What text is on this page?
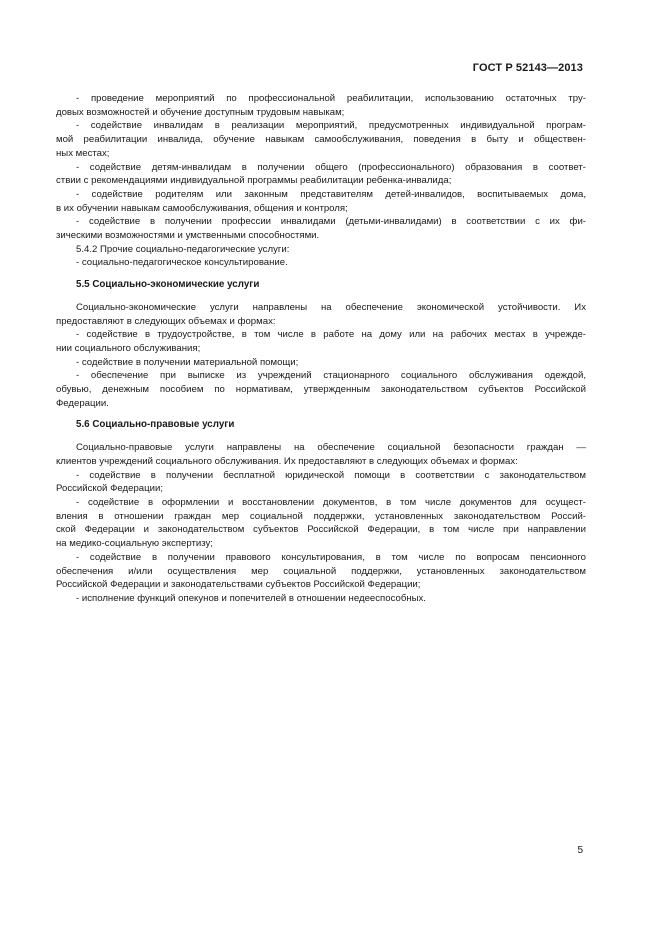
ГОСТ Р 52143—2013
- проведение мероприятий по профессиональной реабилитации, использованию остаточных тру-
довых возможностей и обучение доступным трудовым навыкам;
- содействие инвалидам в реализации мероприятий, предусмотренных индивидуальной програм-
мой реабилитации инвалида, обучение навыкам самообслуживания, поведения в быту и обществен-
ных местах;
- содействие детям-инвалидам в получении общего (профессионального) образования в соответ-
ствии с рекомендациями индивидуальной программы реабилитации ребенка-инвалида;
- содействие родителям или законным представителям детей-инвалидов, воспитываемых дома,
в их обучении навыкам самообслуживания, общения и контроля;
- содействие в получении профессии инвалидами (детьми-инвалидами) в соответствии с их фи-
зическими возможностями и умственными способностями.
5.4.2 Прочие социально-педагогические услуги:
- социально-педагогическое консультирование.
5.5 Социально-экономические услуги
Социально-экономические услуги направлены на обеспечение экономической устойчивости. Их
предоставляют в следующих объемах и формах:
- содействие в трудоустройстве, в том числе в работе на дому или на рабочих местах в учрежде-
нии социального обслуживания;
- содействие в получении материальной помощи;
- обеспечение при выписке из учреждений стационарного социального обслуживания одеждой,
обувью, денежным пособием по нормативам, утвержденным законодательством субъектов Российской
Федерации.
5.6 Социально-правовые услуги
Социально-правовые услуги направлены на обеспечение социальной безопасности граждан —
клиентов учреждений социального обслуживания. Их предоставляют в следующих объемах и формах:
- содействие в получении бесплатной юридической помощи в соответствии с законодательством
Российской Федерации;
- содействие в оформлении и восстановлении документов, в том числе документов для осущест-
вления в отношении граждан мер социальной поддержки, установленных законодательством Россий-
ской Федерации и законодательством субъектов Российской Федерации, в том числе при направлении
на медико-социальную экспертизу;
- содействие в получении правового консультирования, в том числе по вопросам пенсионного
обеспечения и/или осуществления мер социальной поддержки, установленных законодательством
Российской Федерации и законодательствами субъектов Российской Федерации;
- исполнение функций опекунов и попечителей в отношении недееспособных.
5
